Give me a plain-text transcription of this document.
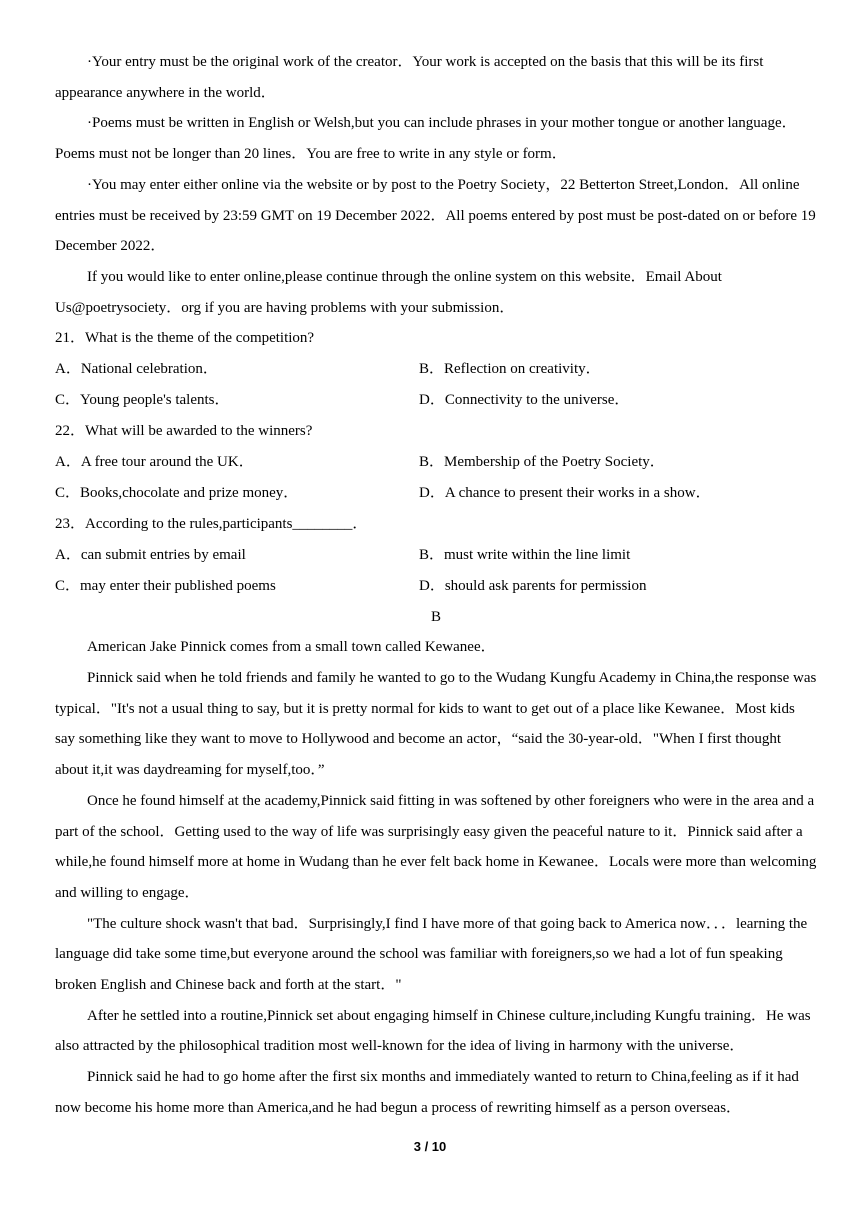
·Your entry must be the original work of the creator．Your work is accepted on the basis that this will be its first appearance anywhere in the world．

·Poems must be written in English or Welsh,but you can include phrases in your mother tongue or another language．Poems must not be longer than 20 lines．You are free to write in any style or form．

·You may enter either online via the website or by post to the Poetry Society，22 Betterton Street,London．All online entries must be received by 23:59 GMT on 19 December 2022．All poems entered by post must be post-dated on or before 19 December 2022．

If you would like to enter online,please continue through the online system on this website．Email About Us@poetrysociety．org if you are having problems with your submission．

21．What is the theme of the competition?

A．National celebration．	B．Reflection on creativity．
C．Young people's talents．	D．Connectivity to the universe．

22．What will be awarded to the winners?

A．A free tour around the UK．	B．Membership of the Poetry Society．
C．Books,chocolate and prize money．	D．A chance to present their works in a show．

23．According to the rules,participants________．

A．can submit entries by email	B．must write within the line limit
C．may enter their published poems	D．should ask parents for permission

B

American Jake Pinnick comes from a small town called Kewanee．

Pinnick said when he told friends and family he wanted to go to the Wudang Kungfu Academy in China,the response was typical．"It's not a usual thing to say, but it is pretty normal for kids to want to get out of a place like Kewanee．Most kids say something like they want to move to Hollywood and become an actor，“said the 30-year-old．"When I first thought about it,it was daydreaming for myself,too．”

Once he found himself at the academy,Pinnick said fitting in was softened by other foreigners who were in the area and a part of the school．Getting used to the way of life was surprisingly easy given the peaceful nature to it．Pinnick said after a while,he found himself more at home in Wudang than he ever felt back home in Kewanee．Locals were more than welcoming and willing to engage．

"The culture shock wasn't that bad．Surprisingly,I find I have more of that going back to America now．．．learning the language did take some time,but everyone around the school was familiar with foreigners,so we had a lot of fun speaking broken English and Chinese back and forth at the start．"

After he settled into a routine,Pinnick set about engaging himself in Chinese culture,including Kungfu training．He was also attracted by the philosophical tradition most well-known for the idea of living in harmony with the universe．

Pinnick said he had to go home after the first six months and immediately wanted to return to China,feeling as if it had now become his home more than America,and he had begun a process of rewriting himself as a person overseas．

3 / 10
